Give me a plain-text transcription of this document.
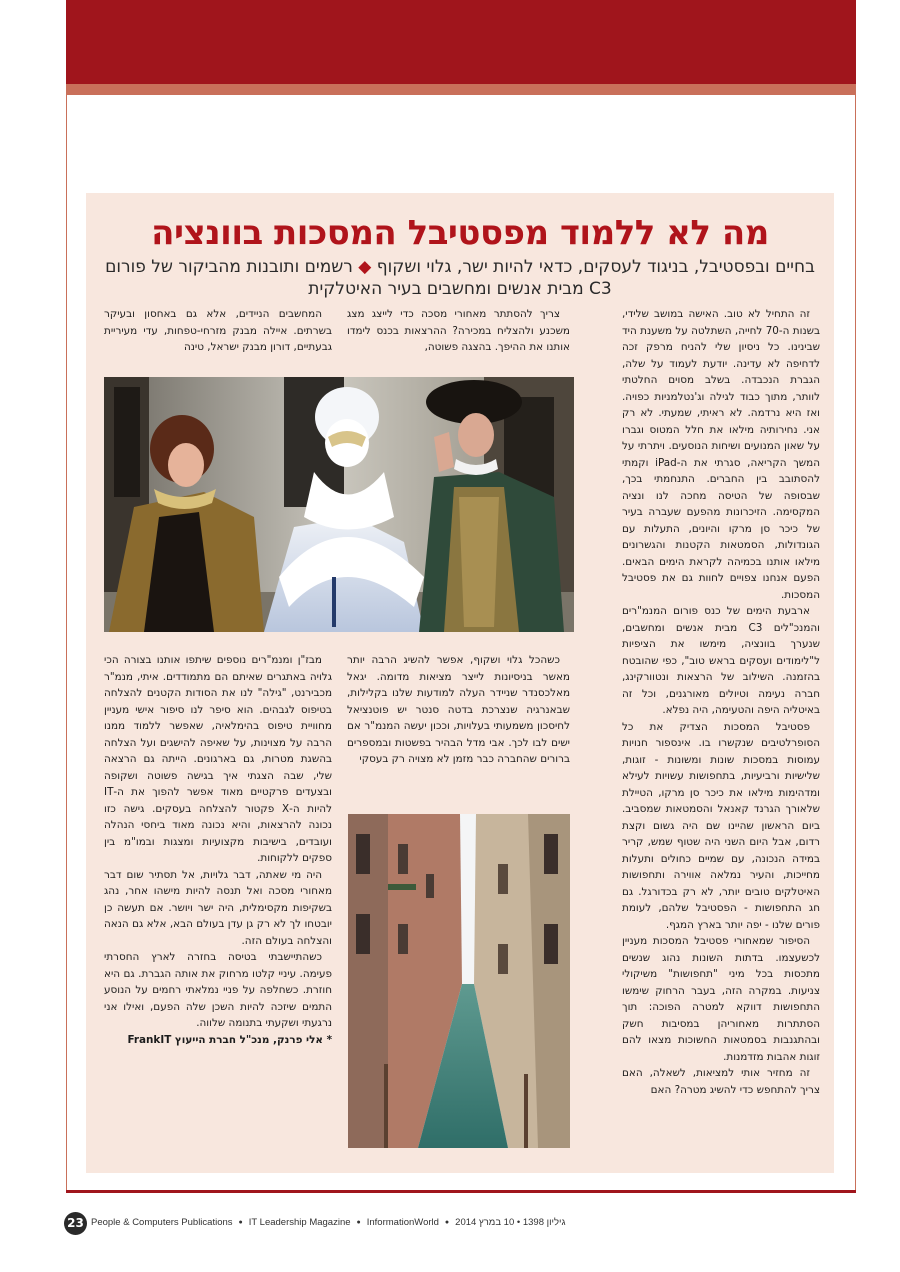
מה לא ללמוד מפסטיבל המסכות בוונציה
בחיים ובפסטיבל, בניגוד לעסקים, כדאי להיות ישר, גלוי ושקוף ◆ רשמים ותובנות מהביקור של פורום C3 מבית אנשים ומחשבים בעיר האיטלקית

זה התחיל לא טוב. האישה במושב שלידי, בשנות ה-70 לחייה, השתלטה על משענת היד שבינינו. כל ניסיון שלי להניח מרפק זכה לדחיפה לא עדינה. יודעת לעמוד על שלה, הגברת הנכבדה. בשלב מסוים החלטתי לוותר, מתוך כבוד לגילה וג'נטלמניות כפויה. ואז היא נרדמה. לא ראיתי, שמעתי. לא רק אני. נחירותיה מילאו את חלל המטוס וגברו על שאון המנועים ושיחות הנוסעים. ויתרתי על המשך הקריאה, סגרתי את ה-iPad וקמתי להסתובב בין החברים. התנחמתי בכך, שבסופה של הטיסה מחכה לנו ונציה המקסימה. הזיכרונות מהפעם שעברה בעיר של כיכר סן מרקו והיונים, התעלות עם הגונדולות, הסמטאות הקטנות והגשרונים מילאו אותנו בכמיהה לקראת הימים הבאים. הפעם אנחנו צפויים לחוות גם את פסטיבל המסכות.

ארבעת הימים של כנס פורום המנמ"רים והמנכ"לים C3 מבית אנשים ומחשבים, שנערך בוונציה, מימשו את הציפיות ל"לימודים ועסקים בראש טוב", כפי שהובטח בהזמנה. השילוב של הרצאות ונטוורקינג, חברה נעימה וטיולים מאורגנים, וכל זה באיטליה היפה והטעימה, היה נפלא.

פסטיבל המסכות הצדיק את כל הסופרלטיבים שנקשרו בו. אינספור חנויות עמוסות במסכות שונות ומשונות - זוגות, שלישיות ורביעיות, בתחפושות עשויות לעילא ומדהימות מילאו את כיכר סן מרקו, הטיילת שלאורך הגרנד קאנאל והסמטאות שמסביב. ביום הראשון שהיינו שם היה גשום וקצת רדום, אבל היום השני היה שטוף שמש, קריר במידה הנכונה, עם שמיים כחולים ותעלות מחייכות, והעיר נמלאה אווירה ותחפושות האיטלקים טובים יותר, לא רק בכדורגל. גם חג התחפושות - הפסטיבל שלהם, לעומת פורים שלנו - יפה יותר בארץ המגף.

הסיפור שמאחורי פסטיבל המסכות מעניין לכשעצמו. בדתות השונות נהוג שנשים מתכסות בכל מיני "תחפושות" משיקולי צניעות. במקרה הזה, בעבר הרחוק שימשו התחפושות דווקא למטרה הפוכה: תוך הסתתרות מאחוריהן במסיבות חשק ובהתגנבות בסמטאות החשוכות מצאו להם זוגות אהבות מזדמנות.

זה מחזיר אותי למציאות, לשאלה, האם צריך להתחפש כדי להשיג מטרה? האם

צריך להסתתר מאחורי מסכה כדי לייצג מצג משכנע ולהצליח במכירה? ההרצאות בכנס לימדו אותנו את ההיפך. בהצגה פשוטה,

המחשבים הניידים, אלא גם באחסון ובעיקר בשרתים. איילה מבנק מזרחי-טפחות, עדי מעיריית גבעתיים, דורון מבנק ישראל, טינה

כשהכל גלוי ושקוף, אפשר להשיג הרבה יותר מאשר בניסיונות לייצר מציאות מדומה. יגאל מאלכסנדר שניידר העלה למודעות שלנו בקלילות, שבאנרגיה שנצרכת בדטה סנטר יש פוטנציאל לחיסכון משמעותי בעלויות, וככון יעשה המנמ"ר אם ישים לבו לכך. אבי מדל הבהיר בפשטות ובמספרים ברורים שהחברה כבר מזמן לא מצויה רק בעסקי

מבז"ן ומנמ"רים נוספים שיתפו אותנו בצורה הכי גלויה באתגרים שאיתם הם מתמודדים. איתי, מנמ"ר מכבירנט, "גילה" לנו את הסודות הקטנים להצלחה בטיפוס לגבהים. הוא סיפר לנו סיפור אישי מעניין מחוויית טיפוס בהימלאיה, שאפשר ללמוד ממנו הרבה על מצוינות, על שאיפה להישגים ועל הצלחה בהשגת מטרות, גם בארגונים. הייתה גם הרצאה שלי, שבה הצגתי איך בגישה פשוטה ושקופה ובצעדים פרקטיים מאוד אפשר להפוך את ה-IT להיות ה-X פקטור להצלחה בעסקים. גישה כזו נכונה להרצאות, והיא נכונה מאוד ביחסי הנהלה ועובדים, בישיבות מקצועיות ומצגות ובמו"מ בין ספקים ללקוחות.

היה מי שאתה, דבר גלויות, אל תסתיר שום דבר מאחורי מסכה ואל תנסה להיות מישהו אחר, נהג בשקיפות מקסימלית, היה ישר ויושר. אם תעשה כן יובטחו לך לא רק גן עדן בעולם הבא, אלא גם הנאה והצלחה בעולם הזה.

כשהתיישבתי בטיסה בחזרה לארץ החסרתי פעימה. עיניי קלטו מרחוק את אותה הגברת. גם היא חוזרת. כשחלפה על פניי נמלאתי רחמים על הנוסע התמים שיזכה להיות השכן שלה הפעם, ואילו אני נרגעתי ושקעתי בתנומה שלווה.

* אלי פרנק, מנכ"ל חברת הייעוץ FrankIT

23 People & Computers Publications ● IT Leadership Magazine ● InformationWorld ● גיליון 1398 • 10 במרץ 2014
